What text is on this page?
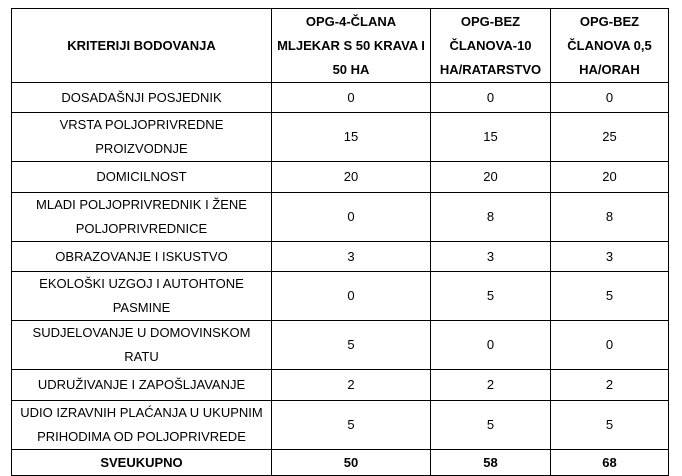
KRITERIJI BODOVANJA	OPG-4-ČLANA MLJEKAR S 50 KRAVA I 50 HA	OPG-BEZ ČLANOVA-10 HA/RATARSTVO	OPG-BEZ ČLANOVA 0,5 HA/ORAH
DOSADAŠNJI POSJEDNIK	0	0	0
VRSTA POLJOPRIVREDNE PROIZVODNJE	15	15	25
DOMICILNOST	20	20	20
MLADI POLJOPRIVREDNIK I ŽENE POLJOPRIVREDNICE	0	8	8
OBRAZOVANJE I ISKUSTVO	3	3	3
EKOLOŠKI UZGOJ I AUTOHTONE PASMINE	0	5	5
SUDJELOVANJE U DOMOVINSKOM RATU	5	0	0
UDRUŽIVANJE I ZAPOŠLJAVANJE	2	2	2
UDIO IZRAVNIH PLAĆANJA U UKUPNIM PRIHODIMA OD POLJOPRIVREDE	5	5	5
SVEUKUPNO	50	58	68
